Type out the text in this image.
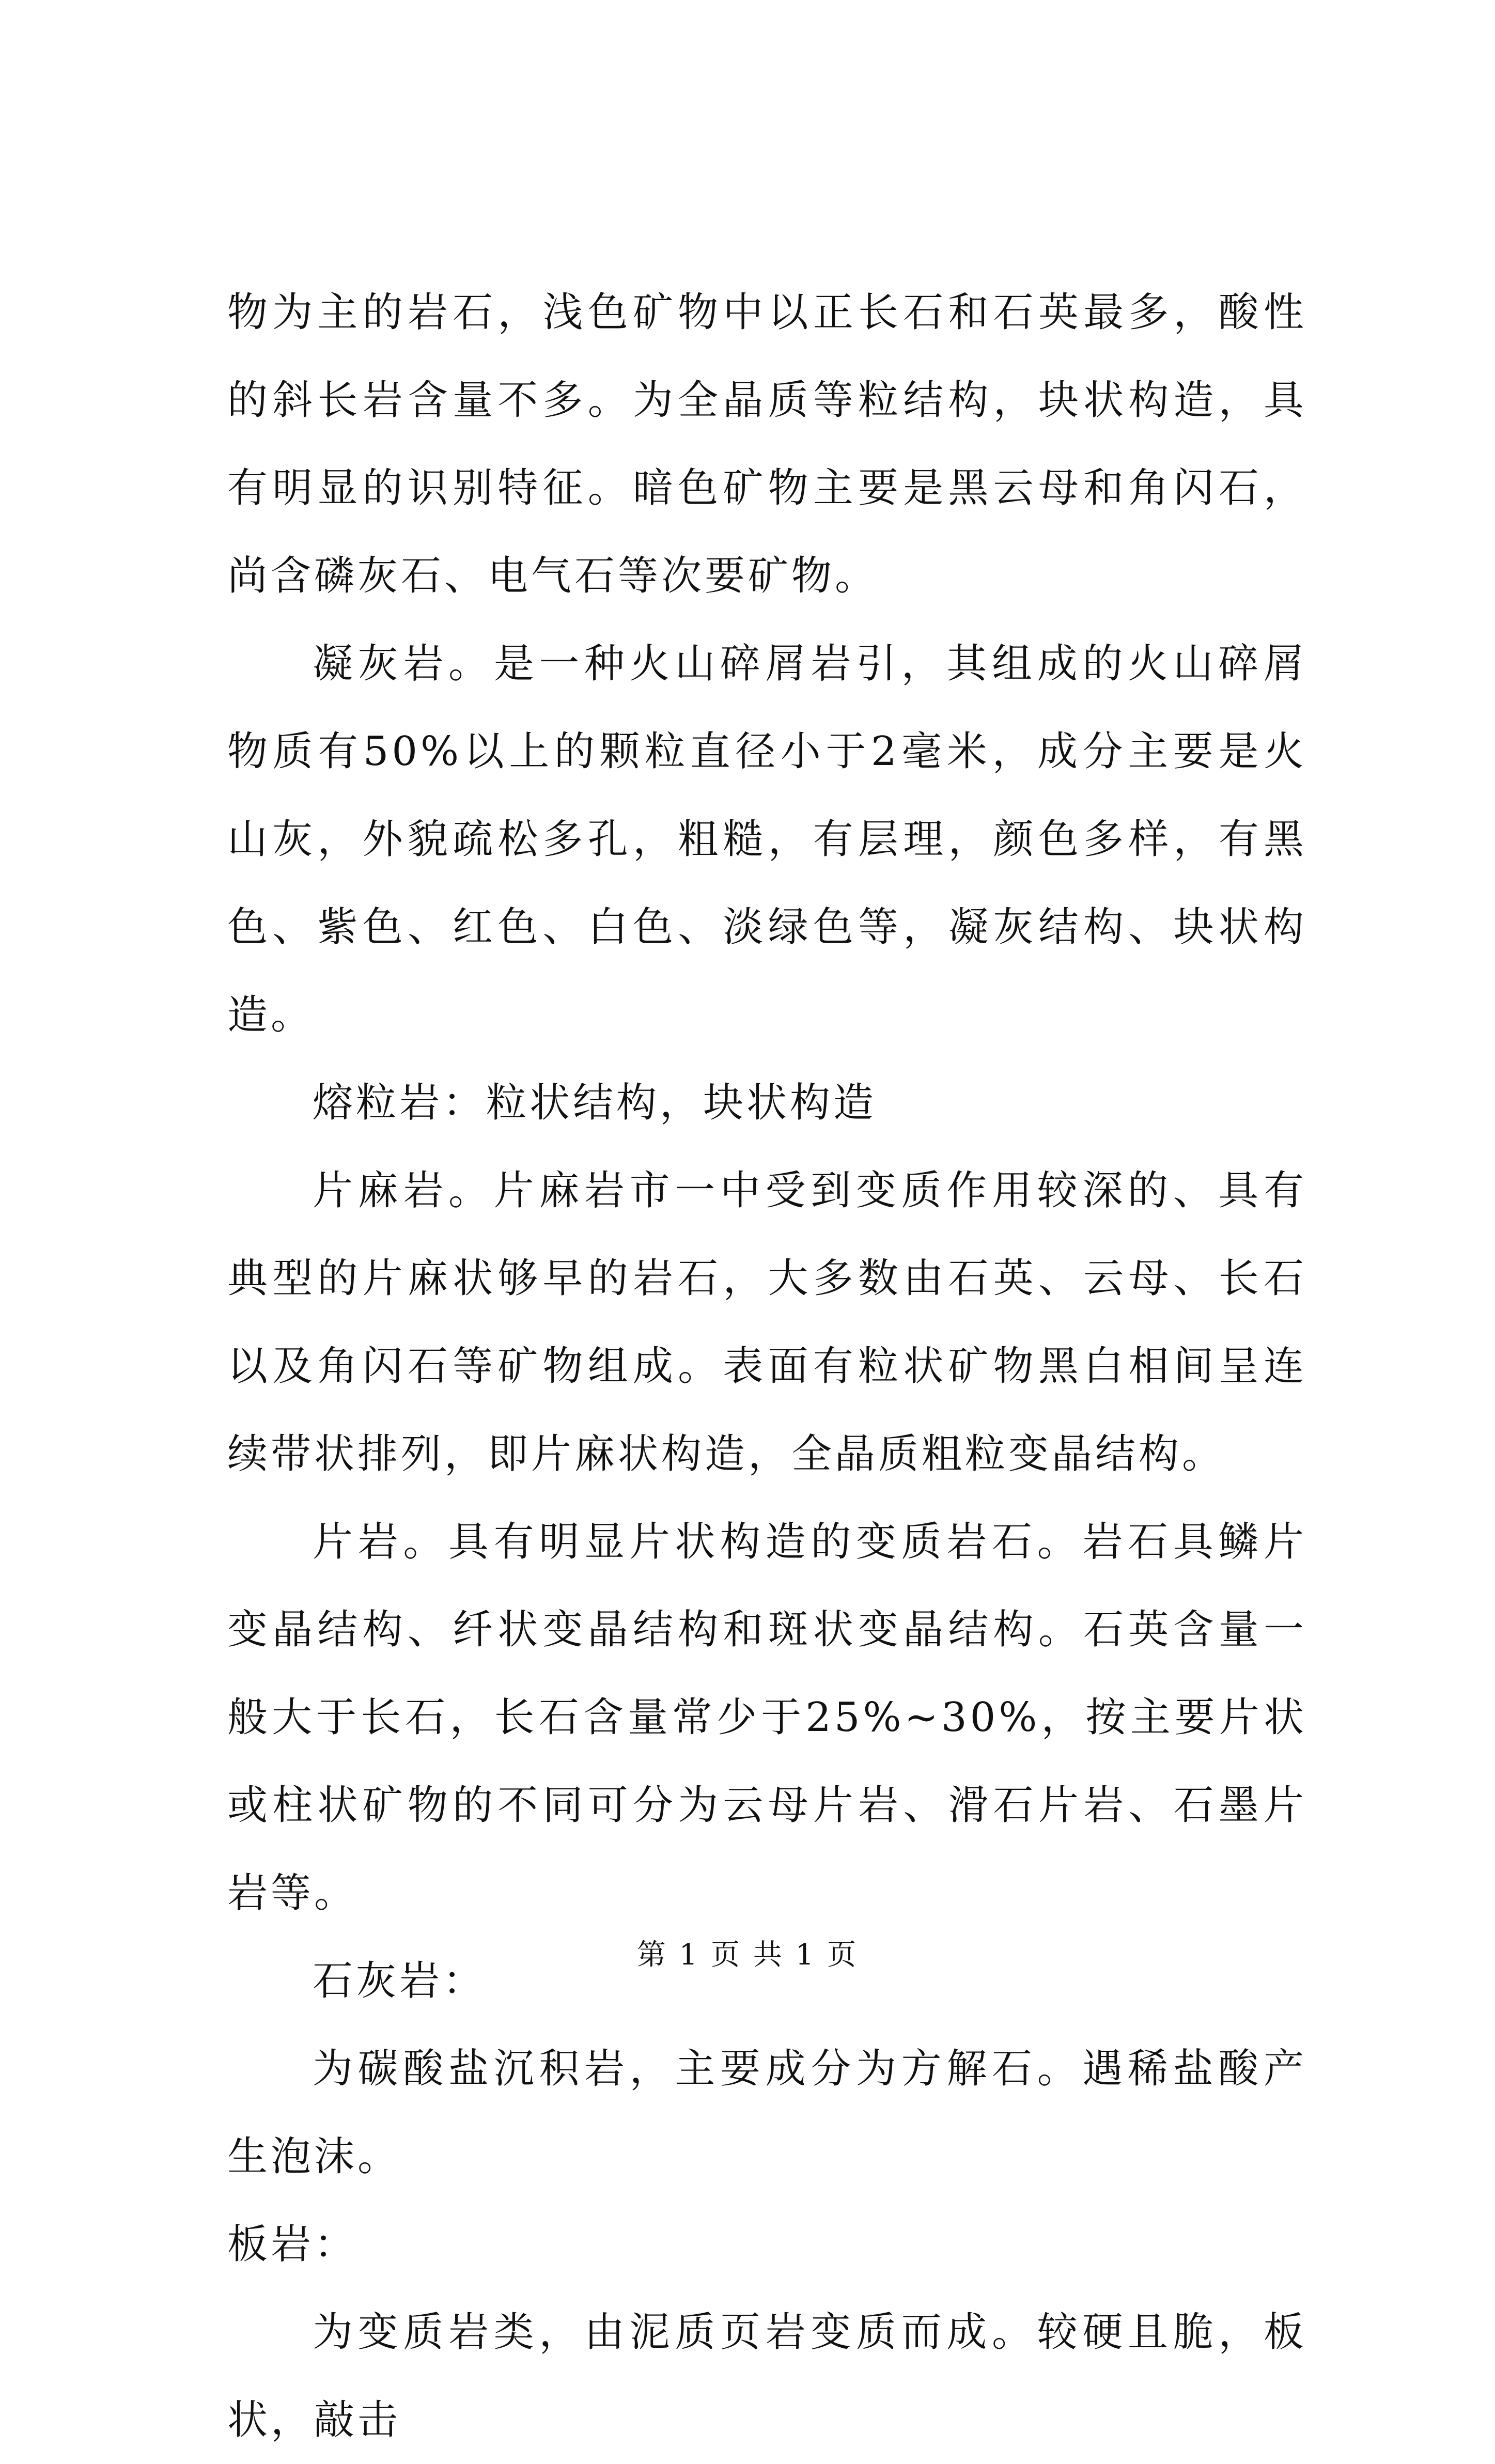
物为主的岩石，浅色矿物中以正长石和石英最多，酸性的斜长岩含量不多。为全晶质等粒结构，块状构造，具有明显的识别特征。暗色矿物主要是黑云母和角闪石，尚含磷灰石、电气石等次要矿物。

凝灰岩。是一种火山碎屑岩引，其组成的火山碎屑物质有50%以上的颗粒直径小于2毫米，成分主要是火山灰，外貌疏松多孔，粗糙，有层理，颜色多样，有黑色、紫色、红色、白色、淡绿色等，凝灰结构、块状构造。

熔粒岩：粒状结构，块状构造

片麻岩。片麻岩市一中受到变质作用较深的、具有典型的片麻状够早的岩石，大多数由石英、云母、长石以及角闪石等矿物组成。表面有粒状矿物黑白相间呈连续带状排列，即片麻状构造，全晶质粗粒变晶结构。

片岩。具有明显片状构造的变质岩石。岩石具鳞片变晶结构、纤状变晶结构和斑状变晶结构。石英含量一般大于长石，长石含量常少于25%~30%，按主要片状或柱状矿物的不同可分为云母片岩、滑石片岩、石墨片岩等。

石灰岩：

为碳酸盐沉积岩，主要成分为方解石。遇稀盐酸产生泡沫。

板岩：

为变质岩类，由泥质页岩变质而成。较硬且脆，板状，敲击

第 1 页 共 1 页
